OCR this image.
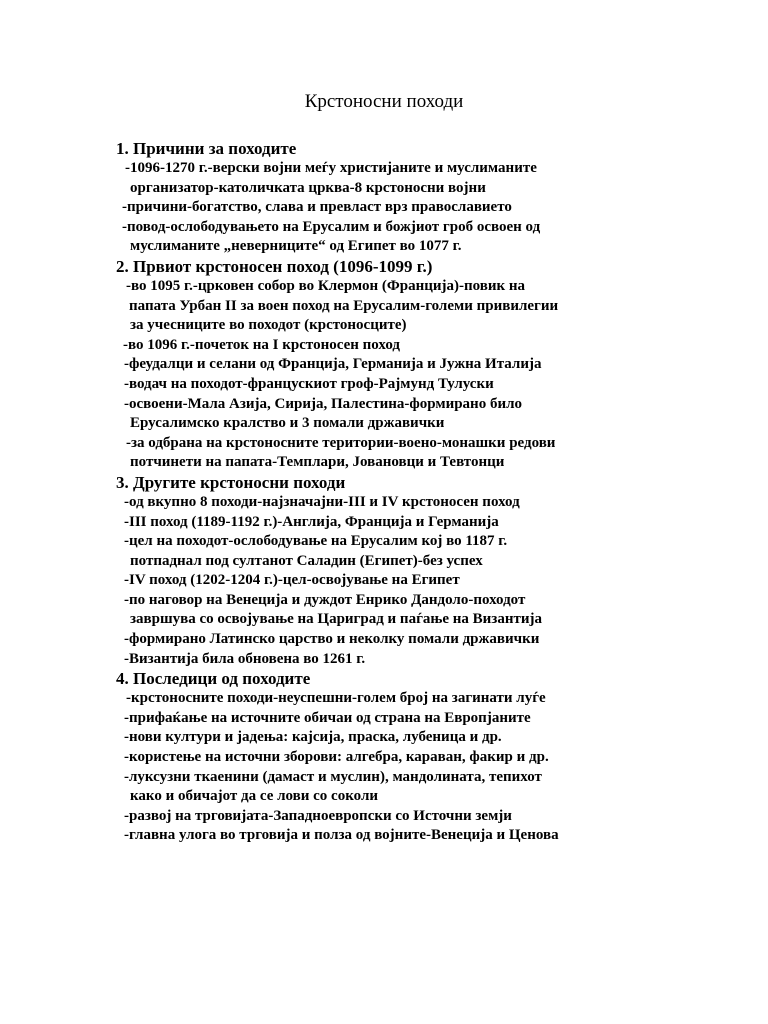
Крстоносни походи
1. Причини за походите
-1096-1270 г.-верски војни меѓу христијаните и муслиманите
организатор-католичката црква-8 крстоносни војни
-причини-богатство, слава и превласт врз православието
-повод-ослободувањето на Ерусалим и божјиот гроб освоен од
муслиманите „неверниците“ од Египет во 1077 г.
2. Првиот крстоносен поход (1096-1099 г.)
-во 1095 г.-црковен собор во Клермон (Франција)-повик на
папата Урбан II за воен поход на Ерусалим-големи привилегии
за учесниците во походот (крстоносците)
-во 1096 г.-почеток на I крстоносен поход
-феудалци и селани од Франција, Германија и Јужна Италија
-водач на походот-францускиот гроф-Рајмунд Тулуски
-освоени-Мала Азија, Сирија, Палестина-формирано било
Ерусалимско кралство и 3 помали државички
-за одбрана на крстоносните територии-воено-монашки редови
потчинети на папата-Темплари, Јовановци и Тевтонци
3. Другите крстоносни походи
-од вкупно 8 походи-најзначајни-III и IV крстоносен поход
-III поход (1189-1192 г.)-Англија, Франција и Германија
-цел на походот-ослободување на Ерусалим кој во 1187 г.
потпаднал под султанот Саладин (Египет)-без успех
-IV поход (1202-1204 г.)-цел-освојување на Египет
-по наговор на Венеција и дуждот Енрико Дандоло-походот
завршува со освојување на Цариград и паѓање на Византија
-формирано Латинско царство и неколку помали државички
-Византија била обновена во 1261 г.
4. Последици од походите
-крстоносните походи-неуспешни-голем број на загинати луѓе
-прифаќање на источните обичаи од страна на Европјаните
-нови култури и јадења: кајсија, праска, лубеница и др.
-користење на источни зборови: алгебра, караван, факир и др.
-луксузни ткаенини (дамаст и муслин), мандолината, тепихот
како и обичајот да се лови со соколи
-развој на трговијата-Западноевропски со Источни земји
-главна улога во трговија и полза од војните-Венеција и Ценова
